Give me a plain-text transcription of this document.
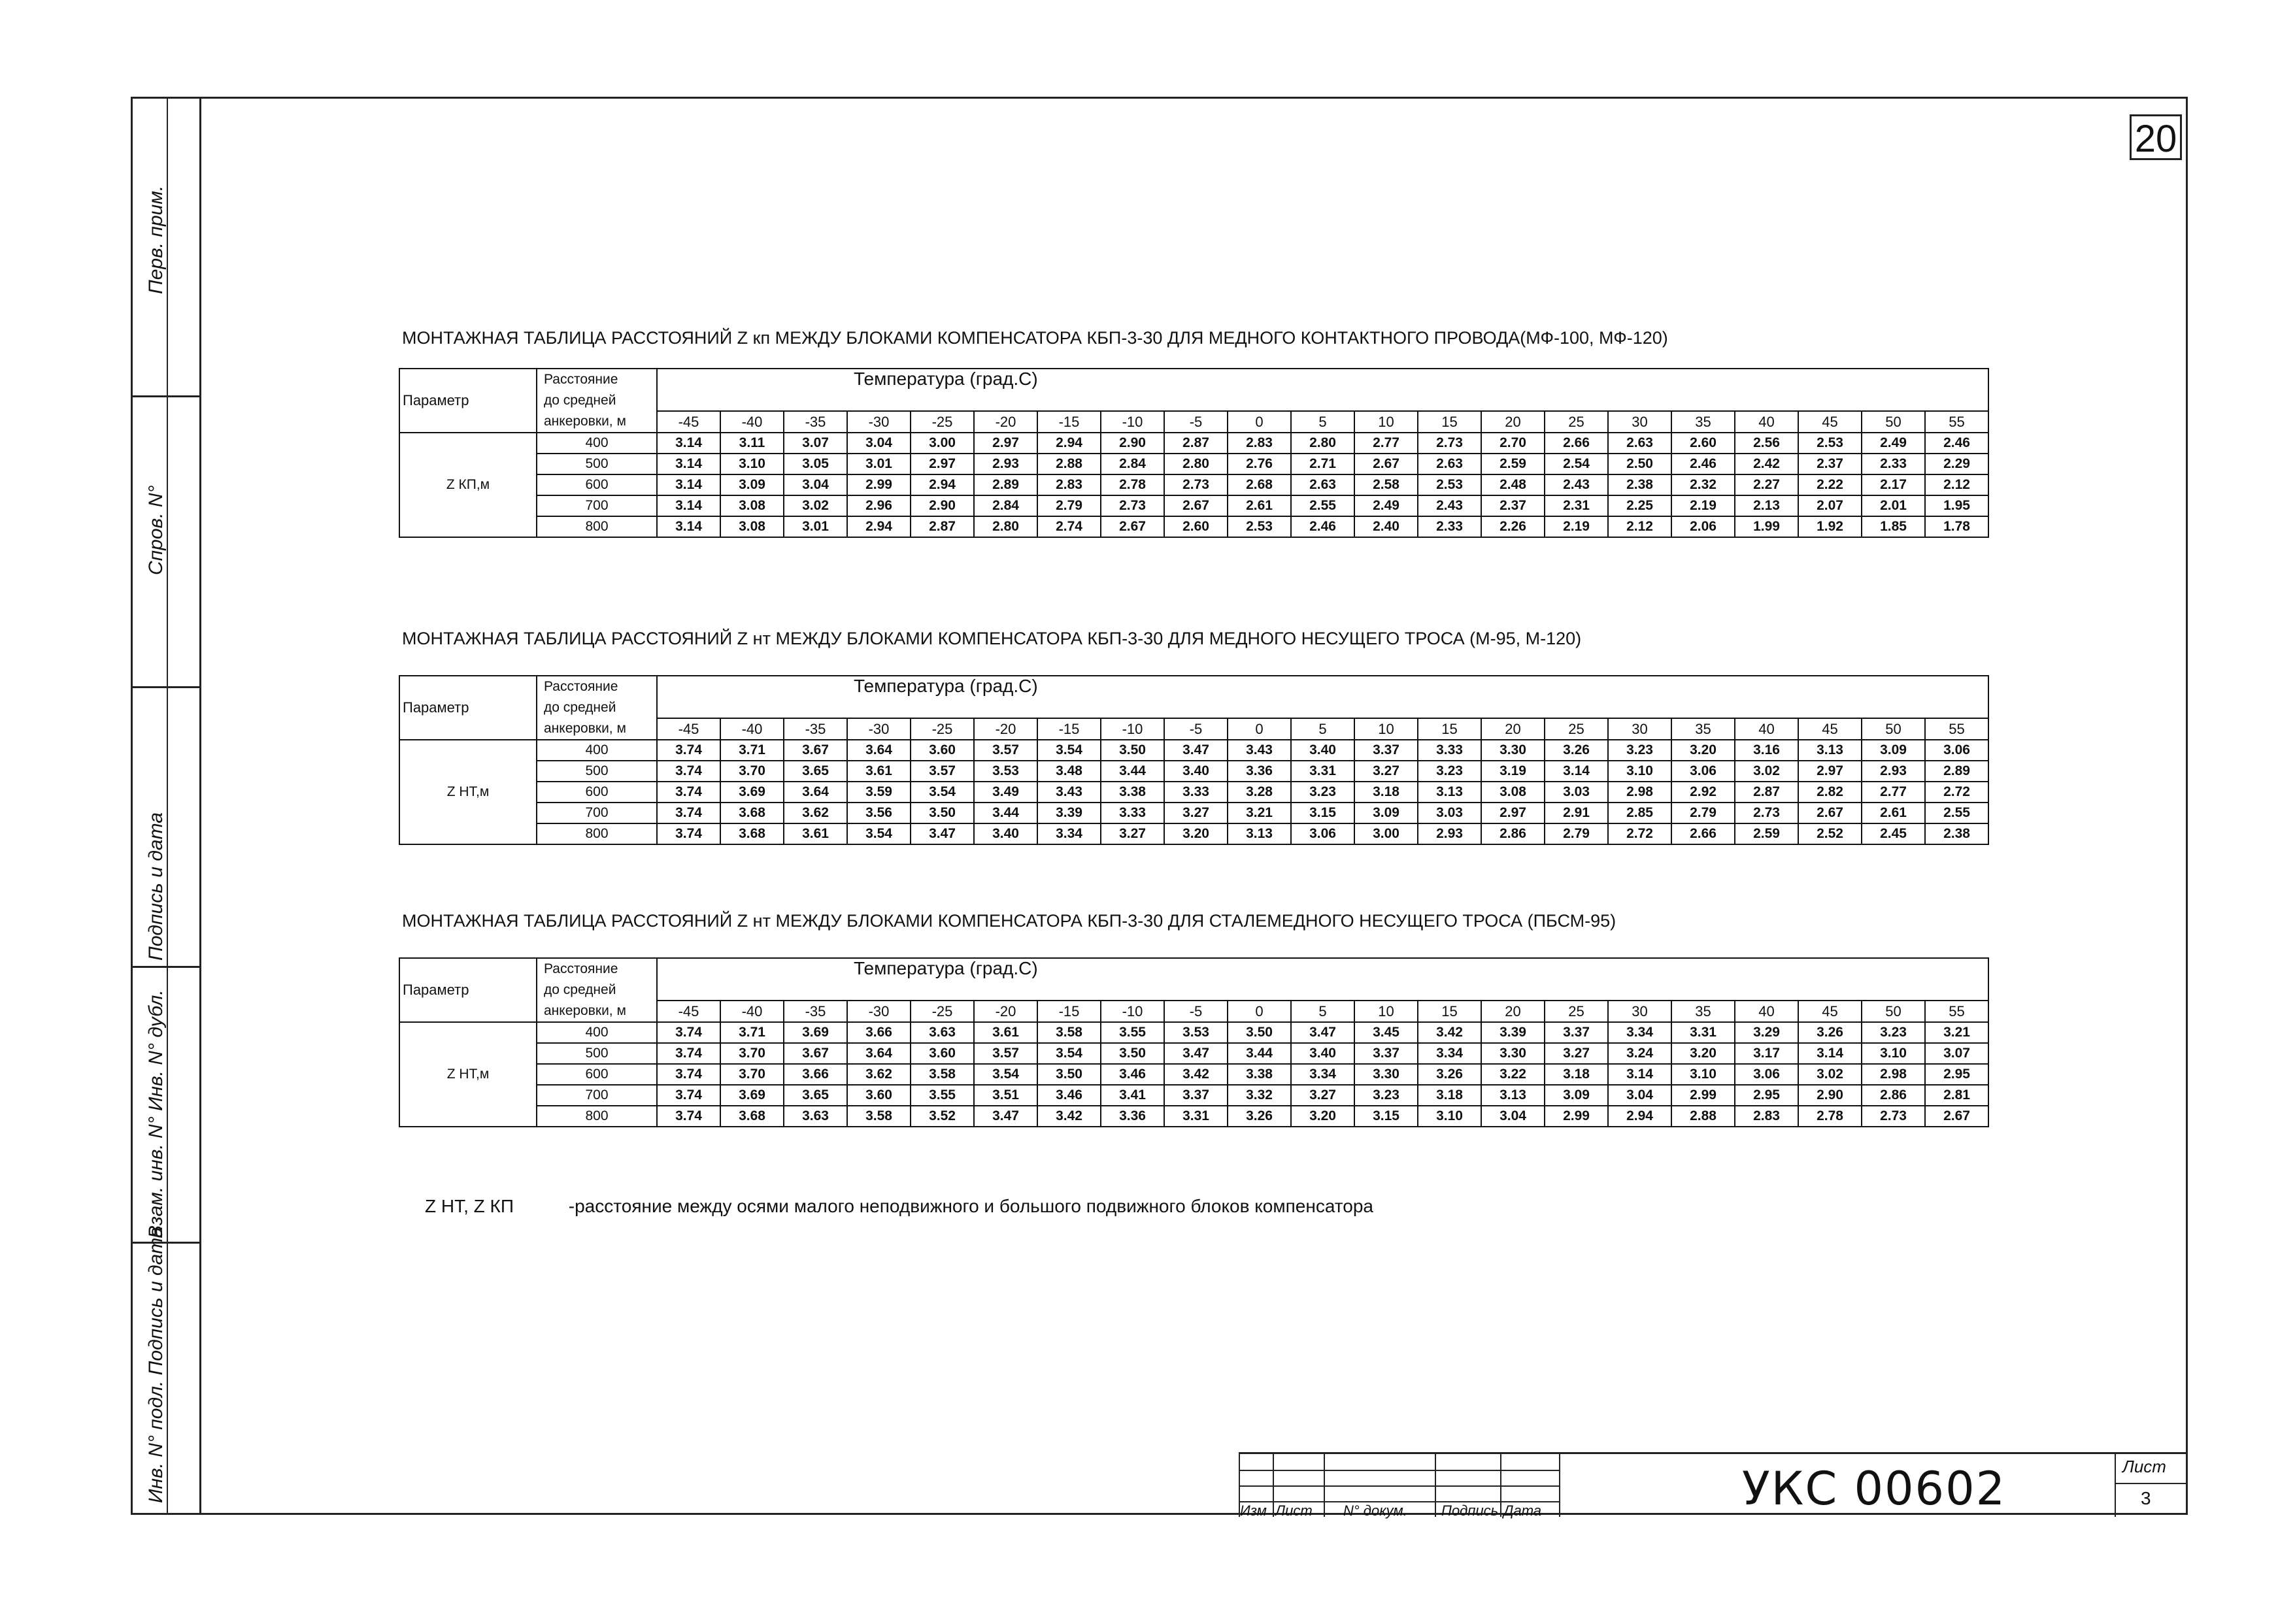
Перв. прим.
Спров. N°
Подпись и дата
Взам. инв. N° Инв. N° дубл.
Инв. N° подл. Подпись и дата
20
МОНТАЖНАЯ ТАБЛИЦА РАССТОЯНИЙ Z кп МЕЖДУ БЛОКАМИ КОМПЕНСАТОРА КБП-3-30 ДЛЯ МЕДНОГО КОНТАКТНОГО ПРОВОДА(МФ-100, МФ-120)
МОНТАЖНАЯ ТАБЛИЦА РАССТОЯНИЙ Z нт МЕЖДУ БЛОКАМИ КОМПЕНСАТОРА КБП-3-30 ДЛЯ МЕДНОГО НЕСУЩЕГО ТРОСА (М-95, М-120)
МОНТАЖНАЯ ТАБЛИЦА РАССТОЯНИЙ Z нт МЕЖДУ БЛОКАМИ КОМПЕНСАТОРА КБП-3-30 ДЛЯ СТАЛЕМЕДНОГО НЕСУЩЕГО ТРОСА (ПБСМ-95)
Параметр	Расстояние	Температура (град.С)																				
	до средней																					
	анкеровки, м	-45	-40	-35	-30	-25	-20	-15	-10	-5	0	5	10	15	20	25	30	35	40	45	50	55
Z КП,м	400	3.14	3.11	3.07	3.04	3.00	2.97	2.94	2.90	2.87	2.83	2.80	2.77	2.73	2.70	2.66	2.63	2.60	2.56	2.53	2.49	2.46
	500	3.14	3.10	3.05	3.01	2.97	2.93	2.88	2.84	2.80	2.76	2.71	2.67	2.63	2.59	2.54	2.50	2.46	2.42	2.37	2.33	2.29
	600	3.14	3.09	3.04	2.99	2.94	2.89	2.83	2.78	2.73	2.68	2.63	2.58	2.53	2.48	2.43	2.38	2.32	2.27	2.22	2.17	2.12
	700	3.14	3.08	3.02	2.96	2.90	2.84	2.79	2.73	2.67	2.61	2.55	2.49	2.43	2.37	2.31	2.25	2.19	2.13	2.07	2.01	1.95
	800	3.14	3.08	3.01	2.94	2.87	2.80	2.74	2.67	2.60	2.53	2.46	2.40	2.33	2.26	2.19	2.12	2.06	1.99	1.92	1.85	1.78
Параметр	Расстояние	Температура (град.С)																				
	до средней																					
	анкеровки, м	-45	-40	-35	-30	-25	-20	-15	-10	-5	0	5	10	15	20	25	30	35	40	45	50	55
Z НТ,м	400	3.74	3.71	3.67	3.64	3.60	3.57	3.54	3.50	3.47	3.43	3.40	3.37	3.33	3.30	3.26	3.23	3.20	3.16	3.13	3.09	3.06
	500	3.74	3.70	3.65	3.61	3.57	3.53	3.48	3.44	3.40	3.36	3.31	3.27	3.23	3.19	3.14	3.10	3.06	3.02	2.97	2.93	2.89
	600	3.74	3.69	3.64	3.59	3.54	3.49	3.43	3.38	3.33	3.28	3.23	3.18	3.13	3.08	3.03	2.98	2.92	2.87	2.82	2.77	2.72
	700	3.74	3.68	3.62	3.56	3.50	3.44	3.39	3.33	3.27	3.21	3.15	3.09	3.03	2.97	2.91	2.85	2.79	2.73	2.67	2.61	2.55
	800	3.74	3.68	3.61	3.54	3.47	3.40	3.34	3.27	3.20	3.13	3.06	3.00	2.93	2.86	2.79	2.72	2.66	2.59	2.52	2.45	2.38
Параметр	Расстояние	Температура (град.С)																				
	до средней																					
	анкеровки, м	-45	-40	-35	-30	-25	-20	-15	-10	-5	0	5	10	15	20	25	30	35	40	45	50	55
Z НТ,м	400	3.74	3.71	3.69	3.66	3.63	3.61	3.58	3.55	3.53	3.50	3.47	3.45	3.42	3.39	3.37	3.34	3.31	3.29	3.26	3.23	3.21
	500	3.74	3.70	3.67	3.64	3.60	3.57	3.54	3.50	3.47	3.44	3.40	3.37	3.34	3.30	3.27	3.24	3.20	3.17	3.14	3.10	3.07
	600	3.74	3.70	3.66	3.62	3.58	3.54	3.50	3.46	3.42	3.38	3.34	3.30	3.26	3.22	3.18	3.14	3.10	3.06	3.02	2.98	2.95
	700	3.74	3.69	3.65	3.60	3.55	3.51	3.46	3.41	3.37	3.32	3.27	3.23	3.18	3.13	3.09	3.04	2.99	2.95	2.90	2.86	2.81
	800	3.74	3.68	3.63	3.58	3.52	3.47	3.42	3.36	3.31	3.26	3.20	3.15	3.10	3.04	2.99	2.94	2.88	2.83	2.78	2.73	2.67
Z НТ, Z КП	-расстояние между осями малого неподвижного и большого подвижного блоков компенсатора
Изм Лист N° докум. Подпись Дата	УКС 00602	Лист
3
